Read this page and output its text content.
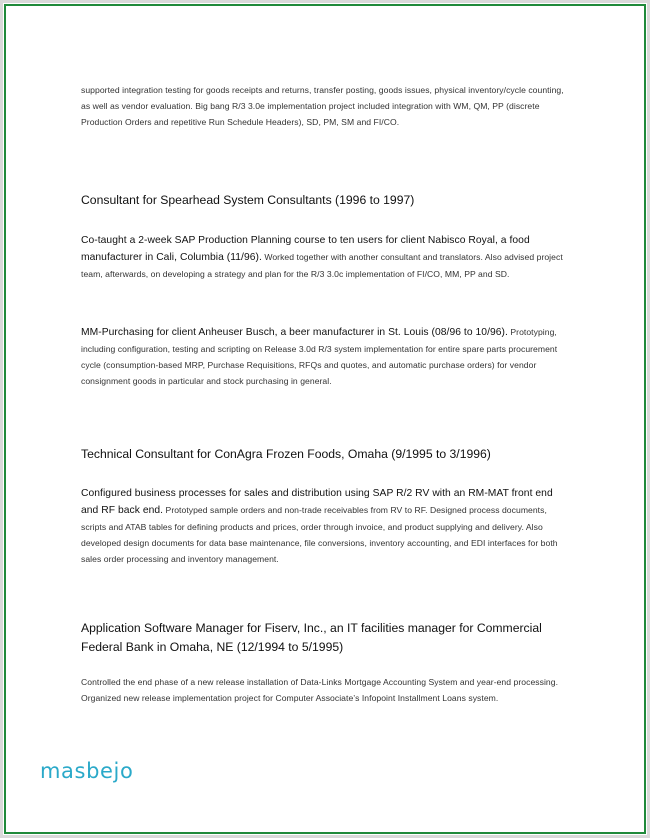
supported integration testing for goods receipts and returns, transfer posting, goods issues, physical inventory/cycle counting, as well as vendor evaluation. Big bang R/3 3.0e implementation project included integration with WM, QM, PP (discrete Production Orders and repetitive Run Schedule Headers), SD, PM, SM and FI/CO.
Consultant for Spearhead System Consultants (1996 to 1997)
Co-taught a 2-week SAP Production Planning course to ten users for client Nabisco Royal, a food manufacturer in Cali, Columbia (11/96). Worked together with another consultant and translators. Also advised project team, afterwards, on developing a strategy and plan for the R/3 3.0c implementation of FI/CO, MM, PP and SD.
MM-Purchasing for client Anheuser Busch, a beer manufacturer in St. Louis (08/96 to 10/96). Prototyping, including configuration, testing and scripting on Release 3.0d R/3 system implementation for entire spare parts procurement cycle (consumption-based MRP, Purchase Requisitions, RFQs and quotes, and automatic purchase orders) for vendor consignment goods in particular and stock purchasing in general.
Technical Consultant for ConAgra Frozen Foods, Omaha (9/1995 to 3/1996)
Configured business processes for sales and distribution using SAP R/2 RV with an RM-MAT front end and RF back end. Prototyped sample orders and non-trade receivables from RV to RF. Designed process documents, scripts and ATAB tables for defining products and prices, order through invoice, and product supplying and delivery. Also developed design documents for data base maintenance, file conversions, inventory accounting, and EDI interfaces for both sales order processing and inventory management.
Application Software Manager for Fiserv, Inc., an IT facilities manager for Commercial Federal Bank in Omaha, NE (12/1994 to 5/1995)
Controlled the end phase of a new release installation of Data-Links Mortgage Accounting System and year-end processing. Organized new release implementation project for Computer Associate’s Infopoint Installment Loans system.
masbejo
